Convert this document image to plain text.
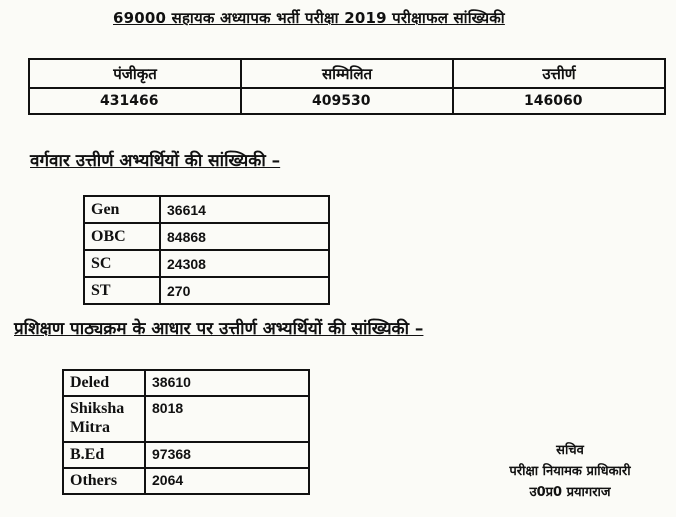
69000 सहायक अध्यापक भर्ती परीक्षा 2019 परीक्षाफल सांख्यिकी
पंजीकृत	सम्मिलित	उत्तीर्ण
431466	409530	146060
वर्गवार उत्तीर्ण अभ्यर्थियों की सांख्यिकी –
Gen	36614
OBC	84868
SC	24308
ST	270
प्रशिक्षण पाठ्यक्रम के आधार पर उत्तीर्ण अभ्यर्थियों की सांख्यिकी –
Deled	38610
Shiksha Mitra	8018
B.Ed	97368
Others	2064
सचिव
परीक्षा नियामक प्राधिकारी
उ0प्र0 प्रयागराज
